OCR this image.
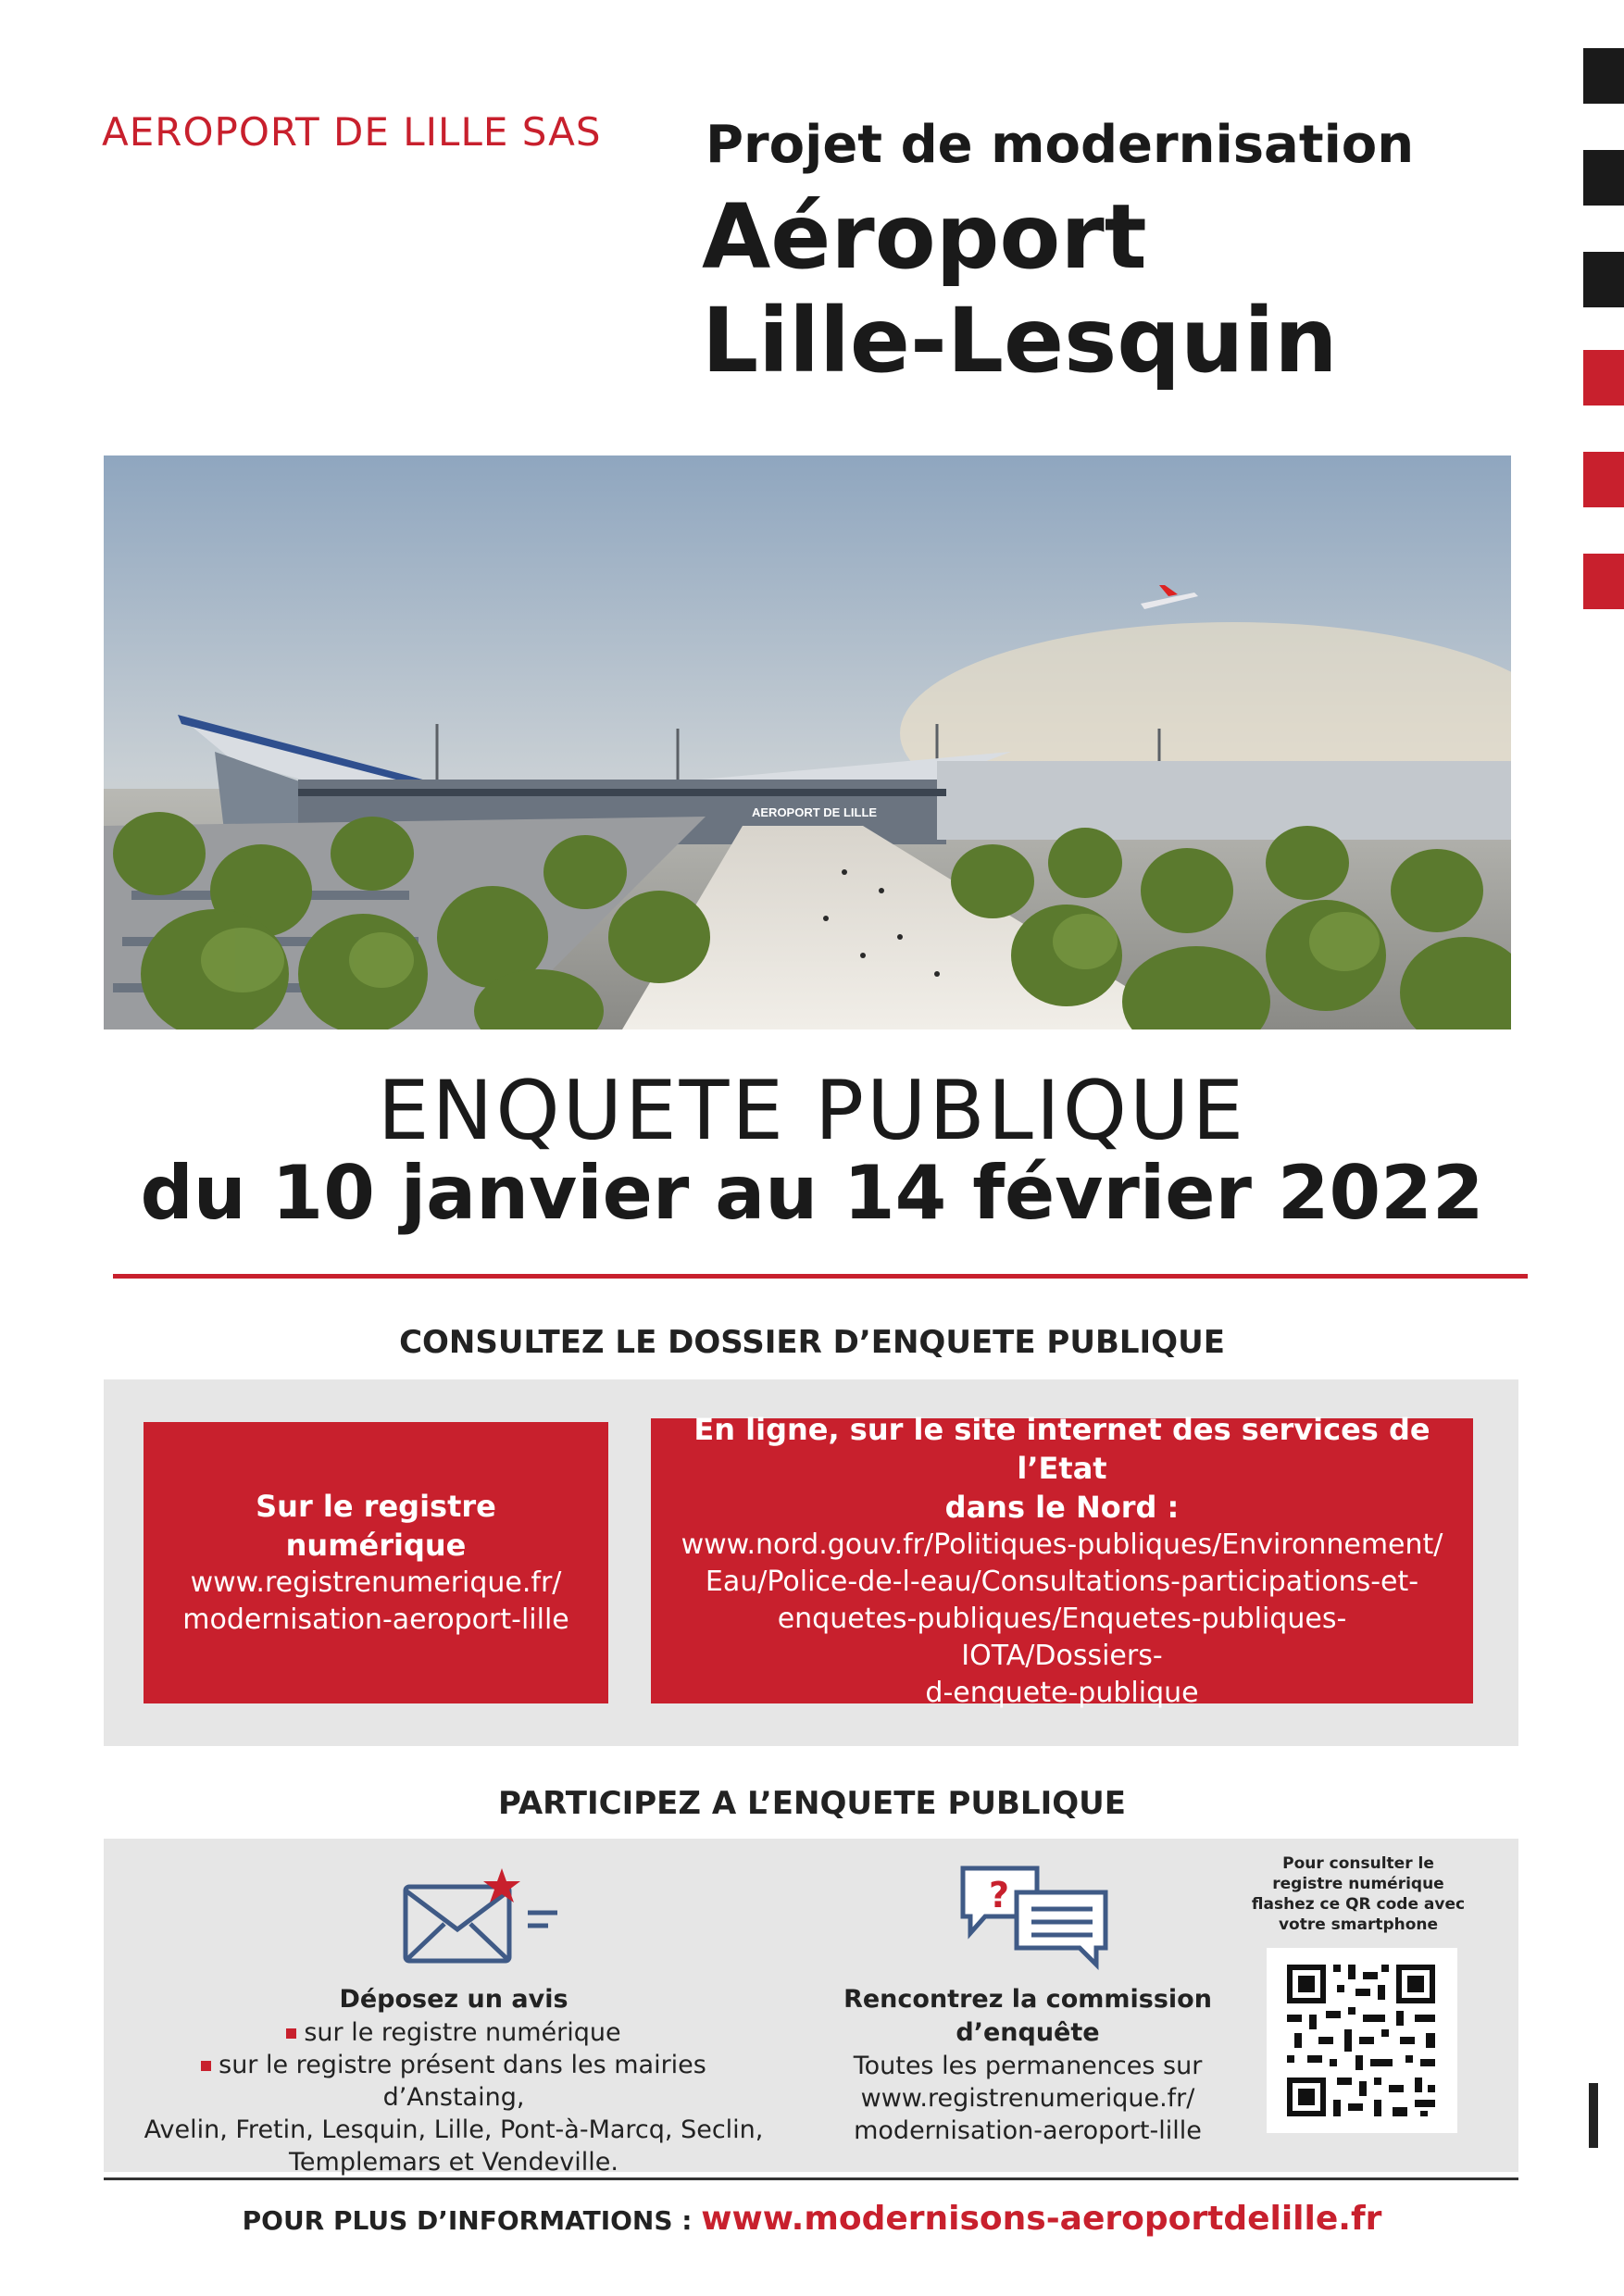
AEROPORT DE LILLE SAS Projet de modernisation
Aéroport
Lille-Lesquin
AEROPORT DE LILLE
ENQUETE PUBLIQUE
du 10 janvier au 14 février 2022
CONSULTEZ LE DOSSIER D’ENQUETE PUBLIQUE
Sur le registre numérique
www.registrenumerique.fr/
modernisation-aeroport-lille
En ligne, sur le site internet des services de l’Etat
dans le Nord :
www.nord.gouv.fr/Politiques-publiques/Environnement/
Eau/Police-de-l-eau/Consultations-participations-et-
enquetes-publiques/Enquetes-publiques-IOTA/Dossiers-
d-enquete-publique
PARTICIPEZ A L’ENQUETE PUBLIQUE
Déposez un avis
sur le registre numérique
sur le registre présent dans les mairies d’Anstaing,
Avelin, Fretin, Lesquin, Lille, Pont-à-Marcq, Seclin,
Templemars et Vendeville.
?
Rencontrez la commission
d’enquête
Toutes les permanences sur
www.registrenumerique.fr/
modernisation-aeroport-lille
Pour consulter le
registre numérique
flashez ce QR code avec
votre smartphone
POUR PLUS D’INFORMATIONS : www.modernisons-aeroportdelille.fr
